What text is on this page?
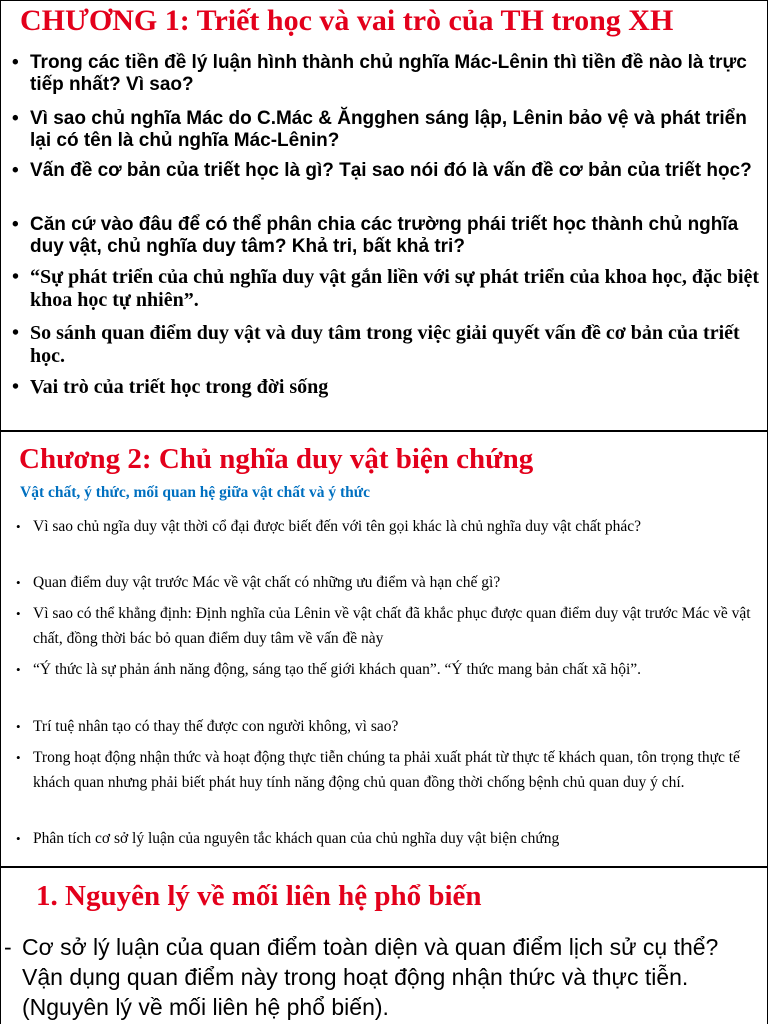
CHƯƠNG 1: Triết học và vai trò của TH trong XH
• Trong các tiền đề lý luận hình thành chủ nghĩa Mác-Lênin thì tiền đề nào là trực tiếp nhất? Vì sao?
• Vì sao chủ nghĩa Mác do C.Mác & Ăngghen sáng lập, Lênin bảo vệ và phát triển lại có tên là chủ nghĩa Mác-Lênin?
• Vấn đề cơ bản của triết học là gì? Tại sao nói đó là vấn đề cơ bản của triết học?
• Căn cứ vào đâu để có thể phân chia các trường phái triết học thành chủ nghĩa duy vật, chủ nghĩa duy tâm? Khả tri, bất khả tri?
• “Sự phát triển của chủ nghĩa duy vật gắn liền với sự phát triển của khoa học, đặc biệt khoa học tự nhiên”.
• So sánh quan điểm duy vật và duy tâm trong việc giải quyết vấn đề cơ bản của triết học.
• Vai trò của triết học trong đời sống
Chương 2: Chủ nghĩa duy vật biện chứng
Vật chất, ý thức, mối quan hệ giữa vật chất và ý thức
• Vì sao chủ ngĩa duy vật thời cổ đại được biết đến với tên gọi khác là chủ nghĩa duy vật chất phác?
• Quan điểm duy vật trước Mác về vật chất có những ưu điểm và hạn chế gì?
• Vì sao có thể khẳng định: Định nghĩa của Lênin về vật chất đã khắc phục được quan điểm duy vật trước Mác về vật chất, đồng thời bác bỏ quan điểm duy tâm về vấn đề này
• “Ý thức là sự phản ánh năng động, sáng tạo thế giới khách quan”. “Ý thức mang bản chất xã hội”.
• Trí tuệ nhân tạo có thay thế được con người không, vì sao?
• Trong hoạt động nhận thức và hoạt động thực tiễn chúng ta phải xuất phát từ thực tế khách quan, tôn trọng thực tế khách quan nhưng phải biết phát huy tính năng động chủ quan đồng thời chống bệnh chủ quan duy ý chí.
• Phân tích cơ sở lý luận của nguyên tắc khách quan của chủ nghĩa duy vật biện chứng
1. Nguyên lý về mối liên hệ phổ biến
- Cơ sở lý luận của quan điểm toàn diện và quan điểm lịch sử cụ thể? Vận dụng quan điểm này trong hoạt động nhận thức và thực tiễn. (Nguyên lý về mối liên hệ phổ biến).
